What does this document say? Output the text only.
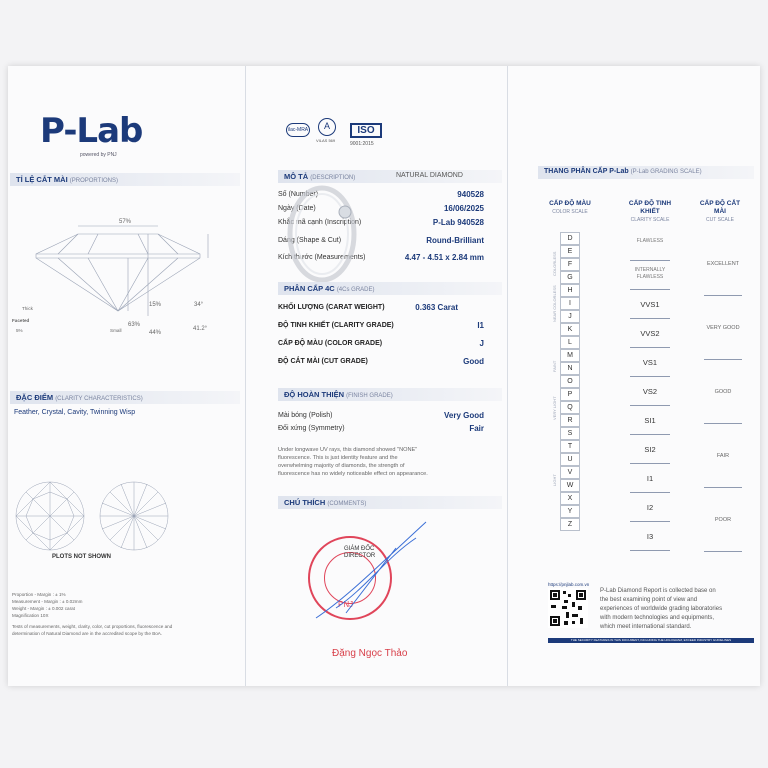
P-Lab
powered by PNJ
TỈ LỆ CẮT MÀI (PROPORTIONS)
57%
15%	34°
63%
44%
41.2°
Thick
Faceted
5%	Small
ĐẶC ĐIỂM (CLARITY CHARACTERISTICS)
Feather, Crystal, Cavity, Twinning Wisp
PLOTS NOT SHOWN
Proportion - Margin : ± 1%
Measurement - Margin : ± 0.02mm
Weight - Margin : ± 0.002 carat
Magnification 10X
Tests of measurements, weight, clarity, color, cut proportions, fluorescence and
determination of Natural Diamond are in the accredited scope by the BoA.
ilac-MRA	A
VILAS 569
ISO
9001:2015
MÔ TẢ (DESCRIPTION)	NATURAL DIAMOND
Số (Number)	940528
Ngày (Date)	16/06/2025
Khắc mã cạnh (Inscription)	P-Lab 940528
Dáng (Shape & Cut)	Round-Brilliant
Kích thước (Measurements)	4.47 - 4.51 x 2.84 mm
PHÂN CẤP 4C (4Cs GRADE)
KHỐI LƯỢNG (CARAT WEIGHT)	0.363 Carat
ĐỘ TINH KHIẾT (CLARITY GRADE)	I1
CẤP ĐỘ MÀU (COLOR GRADE)	J
ĐỘ CẮT MÀI (CUT GRADE)	Good
ĐỘ HOÀN THIỆN (FINISH GRADE)
Mài bóng (Polish)	Very Good
Đối xứng (Symmetry)	Fair
Under longwave UV rays, this diamond showed "NONE"
fluorescence. This is just identity feature and the
overwhelming majority of diamonds, the strength of
fluorescence has no widely noticeable effect on appearance.
CHÚ THÍCH (COMMENTS)
PNJ
GIÁM ĐỐC
DIRECTOR
Đặng Ngọc Thảo
THANG PHÂN CẤP P-Lab (P-Lab GRADING SCALE)
CẤP ĐỘ MÀU
COLOR SCALE
CẤP ĐỘ TINH KHIẾT
CLARITY SCALE
CẤP ĐỘ CẮT MÀI
CUT SCALE
D
E
F
G
H
I
J
K
L
M
N
O
P
Q
R
S
T
U
V
W
X
Y
Z
FLAWLESS
INTERNALLY FLAWLESS
VVS1
VVS2
VS1
VS2
SI1
SI2
I1
I2
I3
EXCELLENT
VERY GOOD
GOOD
FAIR
POOR
COLORLESS
NEAR COLORLESS
FAINT
VERY LIGHT
LIGHT
https://pnjlab.com.vn
P-Lab Diamond Report is collected base on
the best examining point of view and
experiences of worldwide grading laboratories
with modern technologies and equipments,
which meet international standard.
THE SECURITY FEATURES IN THIS DOCUMENT, INCLUDING THE HOLOGRAM, EXCEED INDUSTRY GUIDELINES
